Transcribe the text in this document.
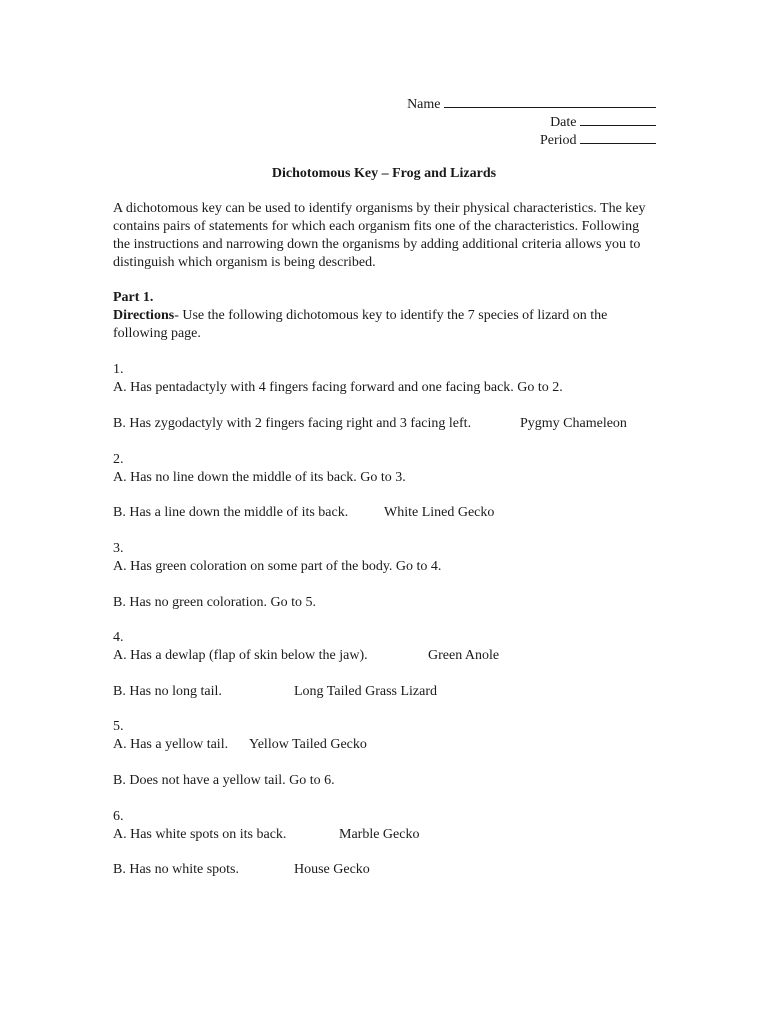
Name
Date
Period
Dichotomous Key – Frog and Lizards
A dichotomous key can be used to identify organisms by their physical characteristics. The key contains pairs of statements for which each organism fits one of the characteristics. Following the instructions and narrowing down the organisms by adding additional criteria allows you to distinguish which organism is being described.
Part 1.
Directions- Use the following dichotomous key to identify the 7 species of lizard on the following page.
1.
A. Has pentadactyly with 4 fingers facing forward and one facing back. Go to 2.
B. Has zygodactyly with 2 fingers facing right and 3 facing left.	Pygmy Chameleon
2.
A. Has no line down the middle of its back. Go to 3.
B. Has a line down the middle of its back.	White Lined Gecko
3.
A. Has green coloration on some part of the body. Go to 4.
B. Has no green coloration. Go to 5.
4.
A. Has a dewlap (flap of skin below the jaw).	Green Anole
B. Has no long tail.	Long Tailed Grass Lizard
5.
A. Has a yellow tail. Yellow Tailed Gecko
B. Does not have a yellow tail. Go to 6.
6.
A. Has white spots on its back.	Marble Gecko
B. Has no white spots.	House Gecko
